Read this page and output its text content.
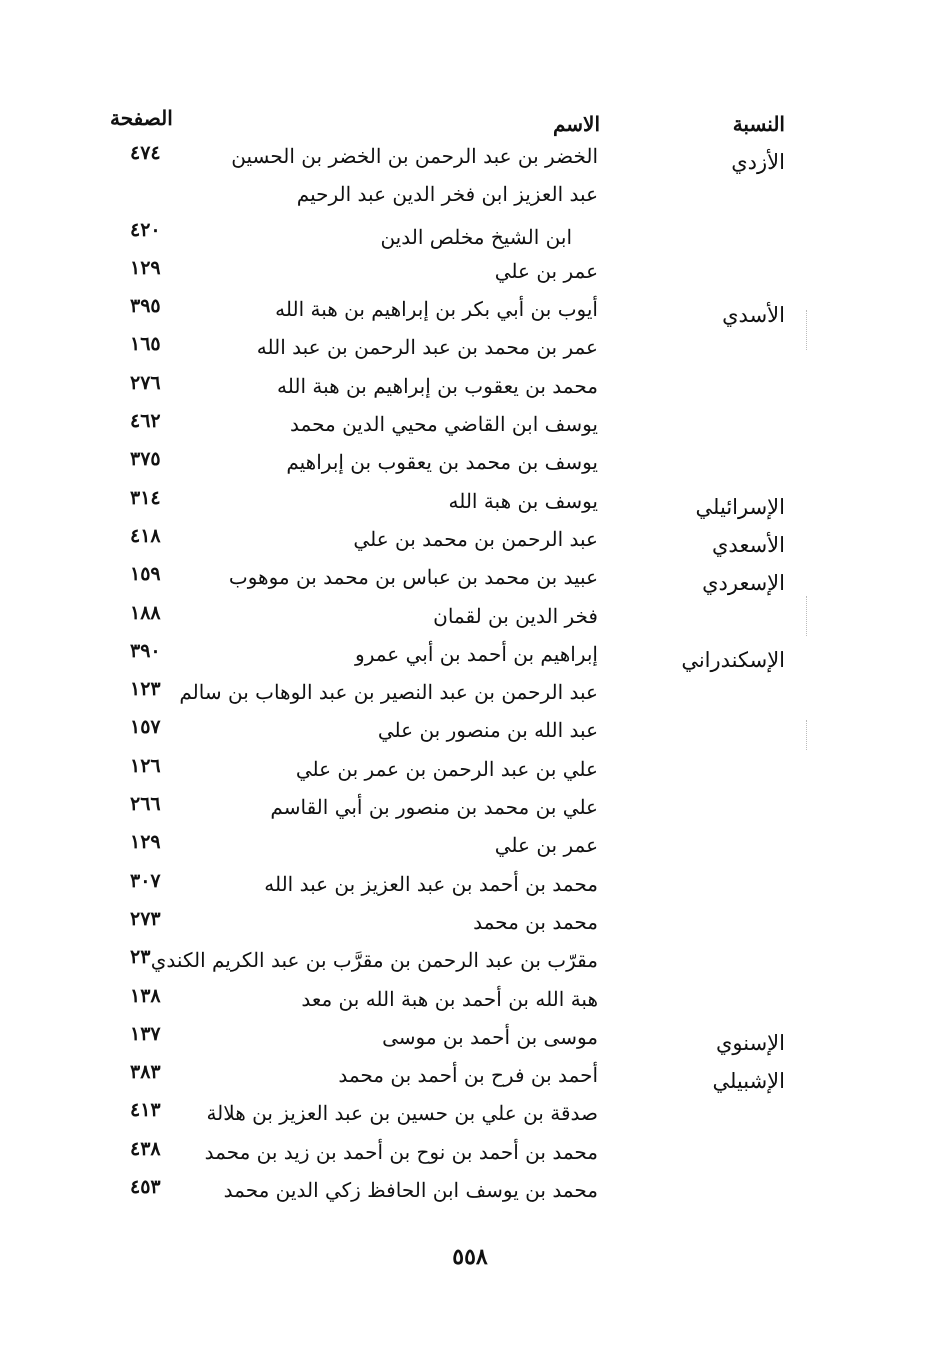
النسبة
الاسم
الصفحة
الأزدي
الخضر بن عبد الرحمن بن الخضر بن الحسين
٤٧٤
عبد العزيز ابن فخر الدين عبد الرحيم
ابن الشيخ مخلص الدين
٤٢٠
عمر بن علي
١٢٩
الأسدي
أيوب بن أبي بكر بن إبراهيم بن هبة الله
٣٩٥
عمر بن محمد بن عبد الرحمن بن عبد الله
١٦٥
محمد بن يعقوب بن إبراهيم بن هبة الله
٢٧٦
يوسف ابن القاضي محيي الدين محمد
٤٦٢
يوسف بن محمد بن يعقوب بن إبراهيم
٣٧٥
الإسرائيلي
يوسف بن هبة الله
٣١٤
الأسعدي
عبد الرحمن بن محمد بن علي
٤١٨
الإسعردي
عبيد بن محمد بن عباس بن محمد بن موهوب
١٥٩
فخر الدين بن لقمان
١٨٨
الإسكندراني
إبراهيم بن أحمد بن أبي عمرو
٣٩٠
عبد الرحمن بن عبد النصير بن عبد الوهاب بن سالم
١٢٣
عبد الله بن منصور بن علي
١٥٧
علي بن عبد الرحمن بن عمر بن علي
١٢٦
علي بن محمد بن منصور بن أبي القاسم
٢٦٦
عمر بن علي
١٢٩
محمد بن أحمد بن عبد العزيز بن عبد الله
٣٠٧
محمد بن محمد
٢٧٣
مقرّب بن عبد الرحمن بن مقرَّب بن عبد الكريم الكندي
٢٣
هبة الله بن أحمد بن هبة الله بن معد
١٣٨
الإسنوي
موسى بن أحمد بن موسى
١٣٧
الإشبيلي
أحمد بن فرح بن أحمد بن محمد
٣٨٣
صدقة بن علي بن حسين بن عبد العزيز بن هلالة
٤١٣
محمد بن أحمد بن نوح بن أحمد بن زيد بن محمد
٤٣٨
محمد بن يوسف ابن الحافظ زكي الدين محمد
٤٥٣
٥٥٨
